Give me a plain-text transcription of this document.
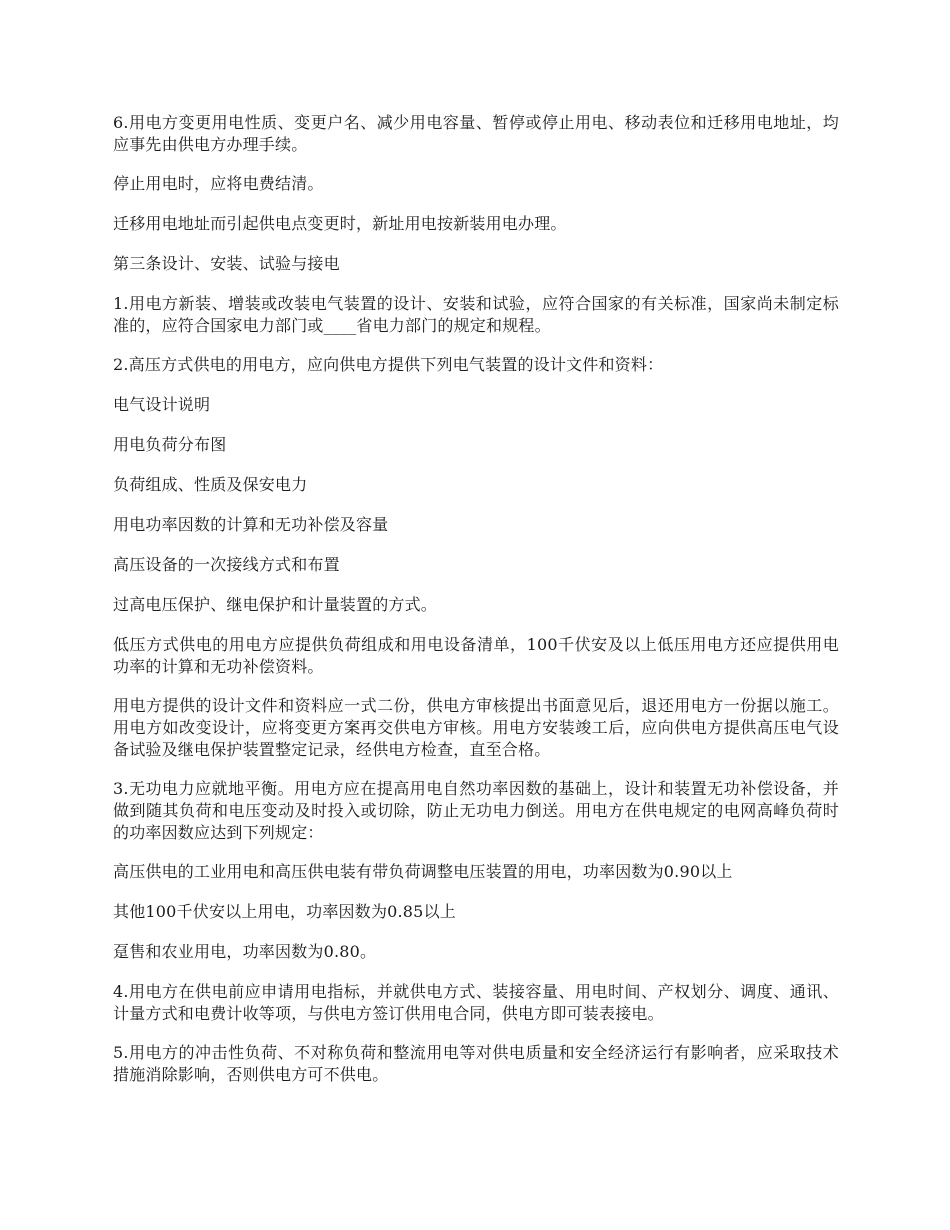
6.用电方变更用电性质、变更户名、减少用电容量、暂停或停止用电、移动表位和迁移用电地址，均应事先由供电方办理手续。

停止用电时，应将电费结清。

迁移用电地址而引起供电点变更时，新址用电按新装用电办理。

第三条设计、安装、试验与接电

1.用电方新装、增装或改装电气装置的设计、安装和试验，应符合国家的有关标准，国家尚未制定标准的，应符合国家电力部门或____省电力部门的规定和规程。

2.高压方式供电的用电方，应向供电方提供下列电气装置的设计文件和资料：

电气设计说明

用电负荷分布图

负荷组成、性质及保安电力

用电功率因数的计算和无功补偿及容量

高压设备的一次接线方式和布置

过高电压保护、继电保护和计量装置的方式。

低压方式供电的用电方应提供负荷组成和用电设备清单，100千伏安及以上低压用电方还应提供用电功率的计算和无功补偿资料。

用电方提供的设计文件和资料应一式二份，供电方审核提出书面意见后，退还用电方一份据以施工。用电方如改变设计，应将变更方案再交供电方审核。用电方安装竣工后，应向供电方提供高压电气设备试验及继电保护装置整定记录，经供电方检查，直至合格。

3.无功电力应就地平衡。用电方应在提高用电自然功率因数的基础上，设计和装置无功补偿设备，并做到随其负荷和电压变动及时投入或切除，防止无功电力倒送。用电方在供电规定的电网高峰负荷时的功率因数应达到下列规定：

高压供电的工业用电和高压供电装有带负荷调整电压装置的用电，功率因数为0.90以上

其他100千伏安以上用电，功率因数为0.85以上

趸售和农业用电，功率因数为0.80。

4.用电方在供电前应申请用电指标，并就供电方式、装接容量、用电时间、产权划分、调度、通讯、计量方式和电费计收等项，与供电方签订供用电合同，供电方即可装表接电。

5.用电方的冲击性负荷、不对称负荷和整流用电等对供电质量和安全经济运行有影响者，应采取技术措施消除影响，否则供电方可不供电。
